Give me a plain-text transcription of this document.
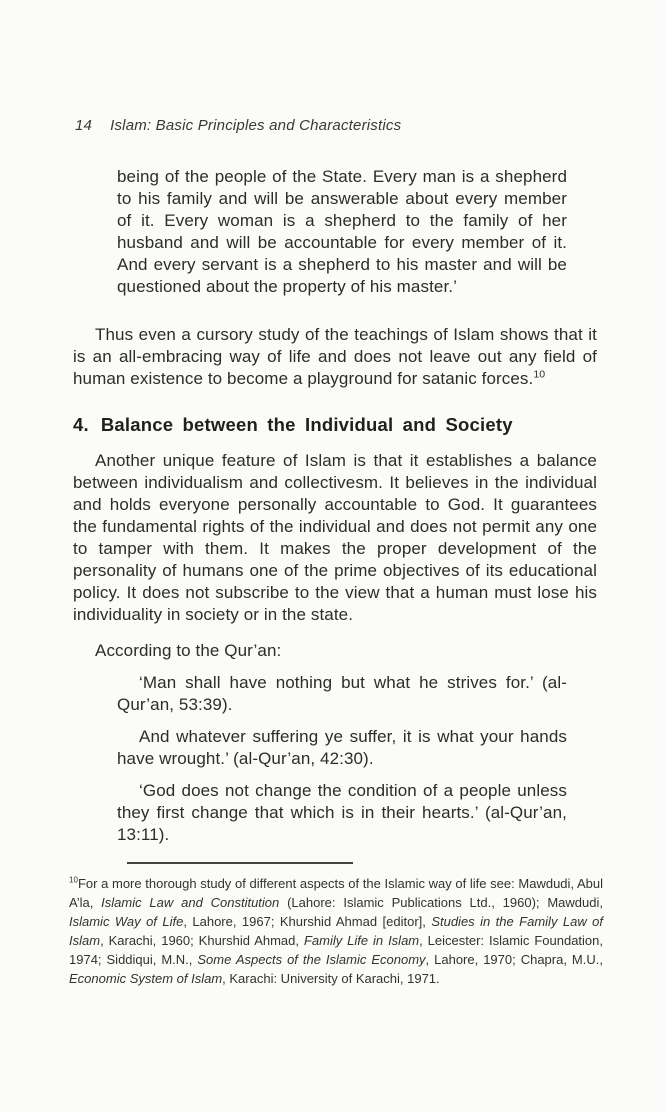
14 Islam: Basic Principles and Characteristics

being of the people of the State. Every man is a shepherd to his family and will be answerable about every member of it. Every woman is a shepherd to the family of her husband and will be accountable for every member of it. And every servant is a shepherd to his master and will be questioned about the property of his master.’

Thus even a cursory study of the teachings of Islam shows that it is an all-embracing way of life and does not leave out any field of human existence to become a playground for satanic forces.$^{10}$

4. Balance between the Individual and Society

Another unique feature of Islam is that it establishes a balance between individualism and collectivesm. It believes in the individual and holds everyone personally accountable to God. It guarantees the fundamental rights of the individual and does not permit any one to tamper with them. It makes the proper development of the personality of humans one of the prime objectives of its educational policy. It does not subscribe to the view that a human must lose his individuality in society or in the state.

According to the Qur’an:

‘Man shall have nothing but what he strives for.’ (al-Qur’an, 53:39).

And whatever suffering ye suffer, it is what your hands have wrought.’ (al-Qur’an, 42:30).

‘God does not change the condition of a people unless they first change that which is in their hearts.’ (al-Qur’an, 13:11).

$^{10}$For a more thorough study of different aspects of the Islamic way of life see: Mawdudi, Abul A’la, Islamic Law and Constitution (Lahore: Islamic Publications Ltd., 1960); Mawdudi, Islamic Way of Life, Lahore, 1967; Khurshid Ahmad [editor], Studies in the Family Law of Islam, Karachi, 1960; Khurshid Ahmad, Family Life in Islam, Leicester: Islamic Foundation, 1974; Siddiqui, M.N., Some Aspects of the Islamic Economy, Lahore, 1970; Chapra, M.U., Economic System of Islam, Karachi: University of Karachi, 1971.
